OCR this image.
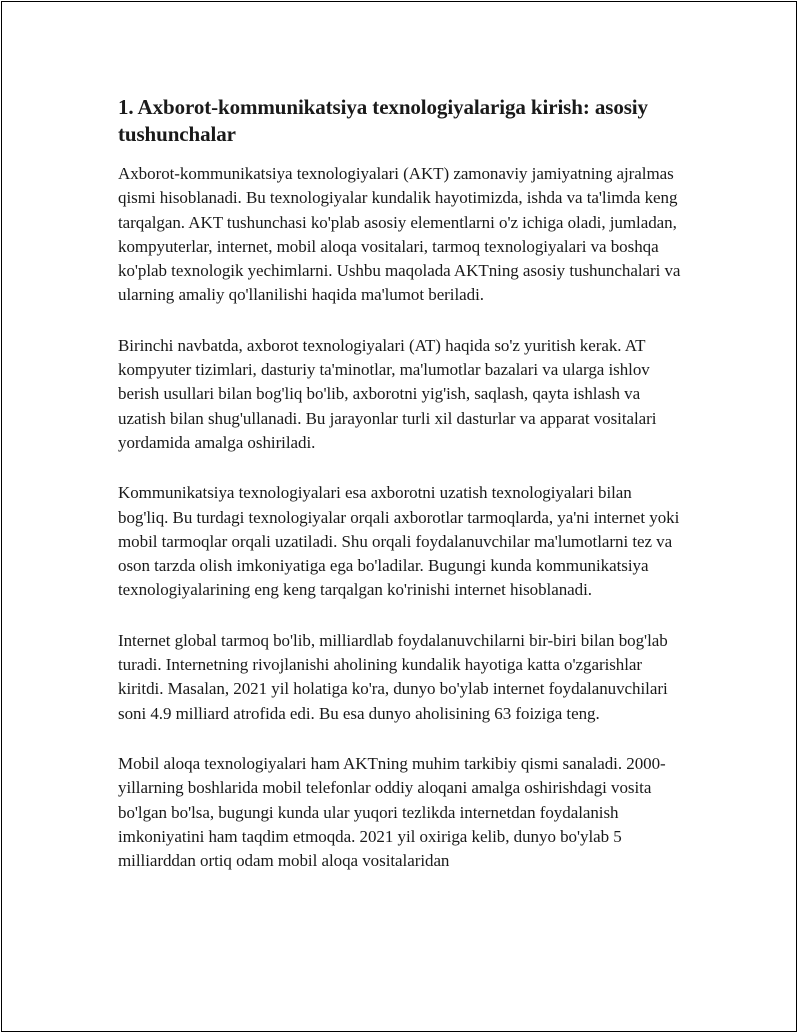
1. Axborot-kommunikatsiya texnologiyalariga kirish: asosiy tushunchalar

Axborot-kommunikatsiya texnologiyalari (AKT) zamonaviy jamiyatning ajralmas qismi hisoblanadi. Bu texnologiyalar kundalik hayotimizda, ishda va ta'limda keng tarqalgan. AKT tushunchasi ko'plab asosiy elementlarni o'z ichiga oladi, jumladan, kompyuterlar, internet, mobil aloqa vositalari, tarmoq texnologiyalari va boshqa ko'plab texnologik yechimlarni. Ushbu maqolada AKTning asosiy tushunchalari va ularning amaliy qo'llanilishi haqida ma'lumot beriladi.

Birinchi navbatda, axborot texnologiyalari (AT) haqida so'z yuritish kerak. AT kompyuter tizimlari, dasturiy ta'minotlar, ma'lumotlar bazalari va ularga ishlov berish usullari bilan bog'liq bo'lib, axborotni yig'ish, saqlash, qayta ishlash va uzatish bilan shug'ullanadi. Bu jarayonlar turli xil dasturlar va apparat vositalari yordamida amalga oshiriladi.

Kommunikatsiya texnologiyalari esa axborotni uzatish texnologiyalari bilan bog'liq. Bu turdagi texnologiyalar orqali axborotlar tarmoqlarda, ya'ni internet yoki mobil tarmoqlar orqali uzatiladi. Shu orqali foydalanuvchilar ma'lumotlarni tez va oson tarzda olish imkoniyatiga ega bo'ladilar. Bugungi kunda kommunikatsiya texnologiyalarining eng keng tarqalgan ko'rinishi internet hisoblanadi.

Internet global tarmoq bo'lib, milliardlab foydalanuvchilarni bir-biri bilan bog'lab turadi. Internetning rivojlanishi aholining kundalik hayotiga katta o'zgarishlar kiritdi. Masalan, 2021 yil holatiga ko'ra, dunyo bo'ylab internet foydalanuvchilari soni 4.9 milliard atrofida edi. Bu esa dunyo aholisining 63 foiziga teng.

Mobil aloqa texnologiyalari ham AKTning muhim tarkibiy qismi sanaladi. 2000-yillarning boshlarida mobil telefonlar oddiy aloqani amalga oshirishdagi vosita bo'lgan bo'lsa, bugungi kunda ular yuqori tezlikda internetdan foydalanish imkoniyatini ham taqdim etmoqda. 2021 yil oxiriga kelib, dunyo bo'ylab 5 milliarddan ortiq odam mobil aloqa vositalaridan
